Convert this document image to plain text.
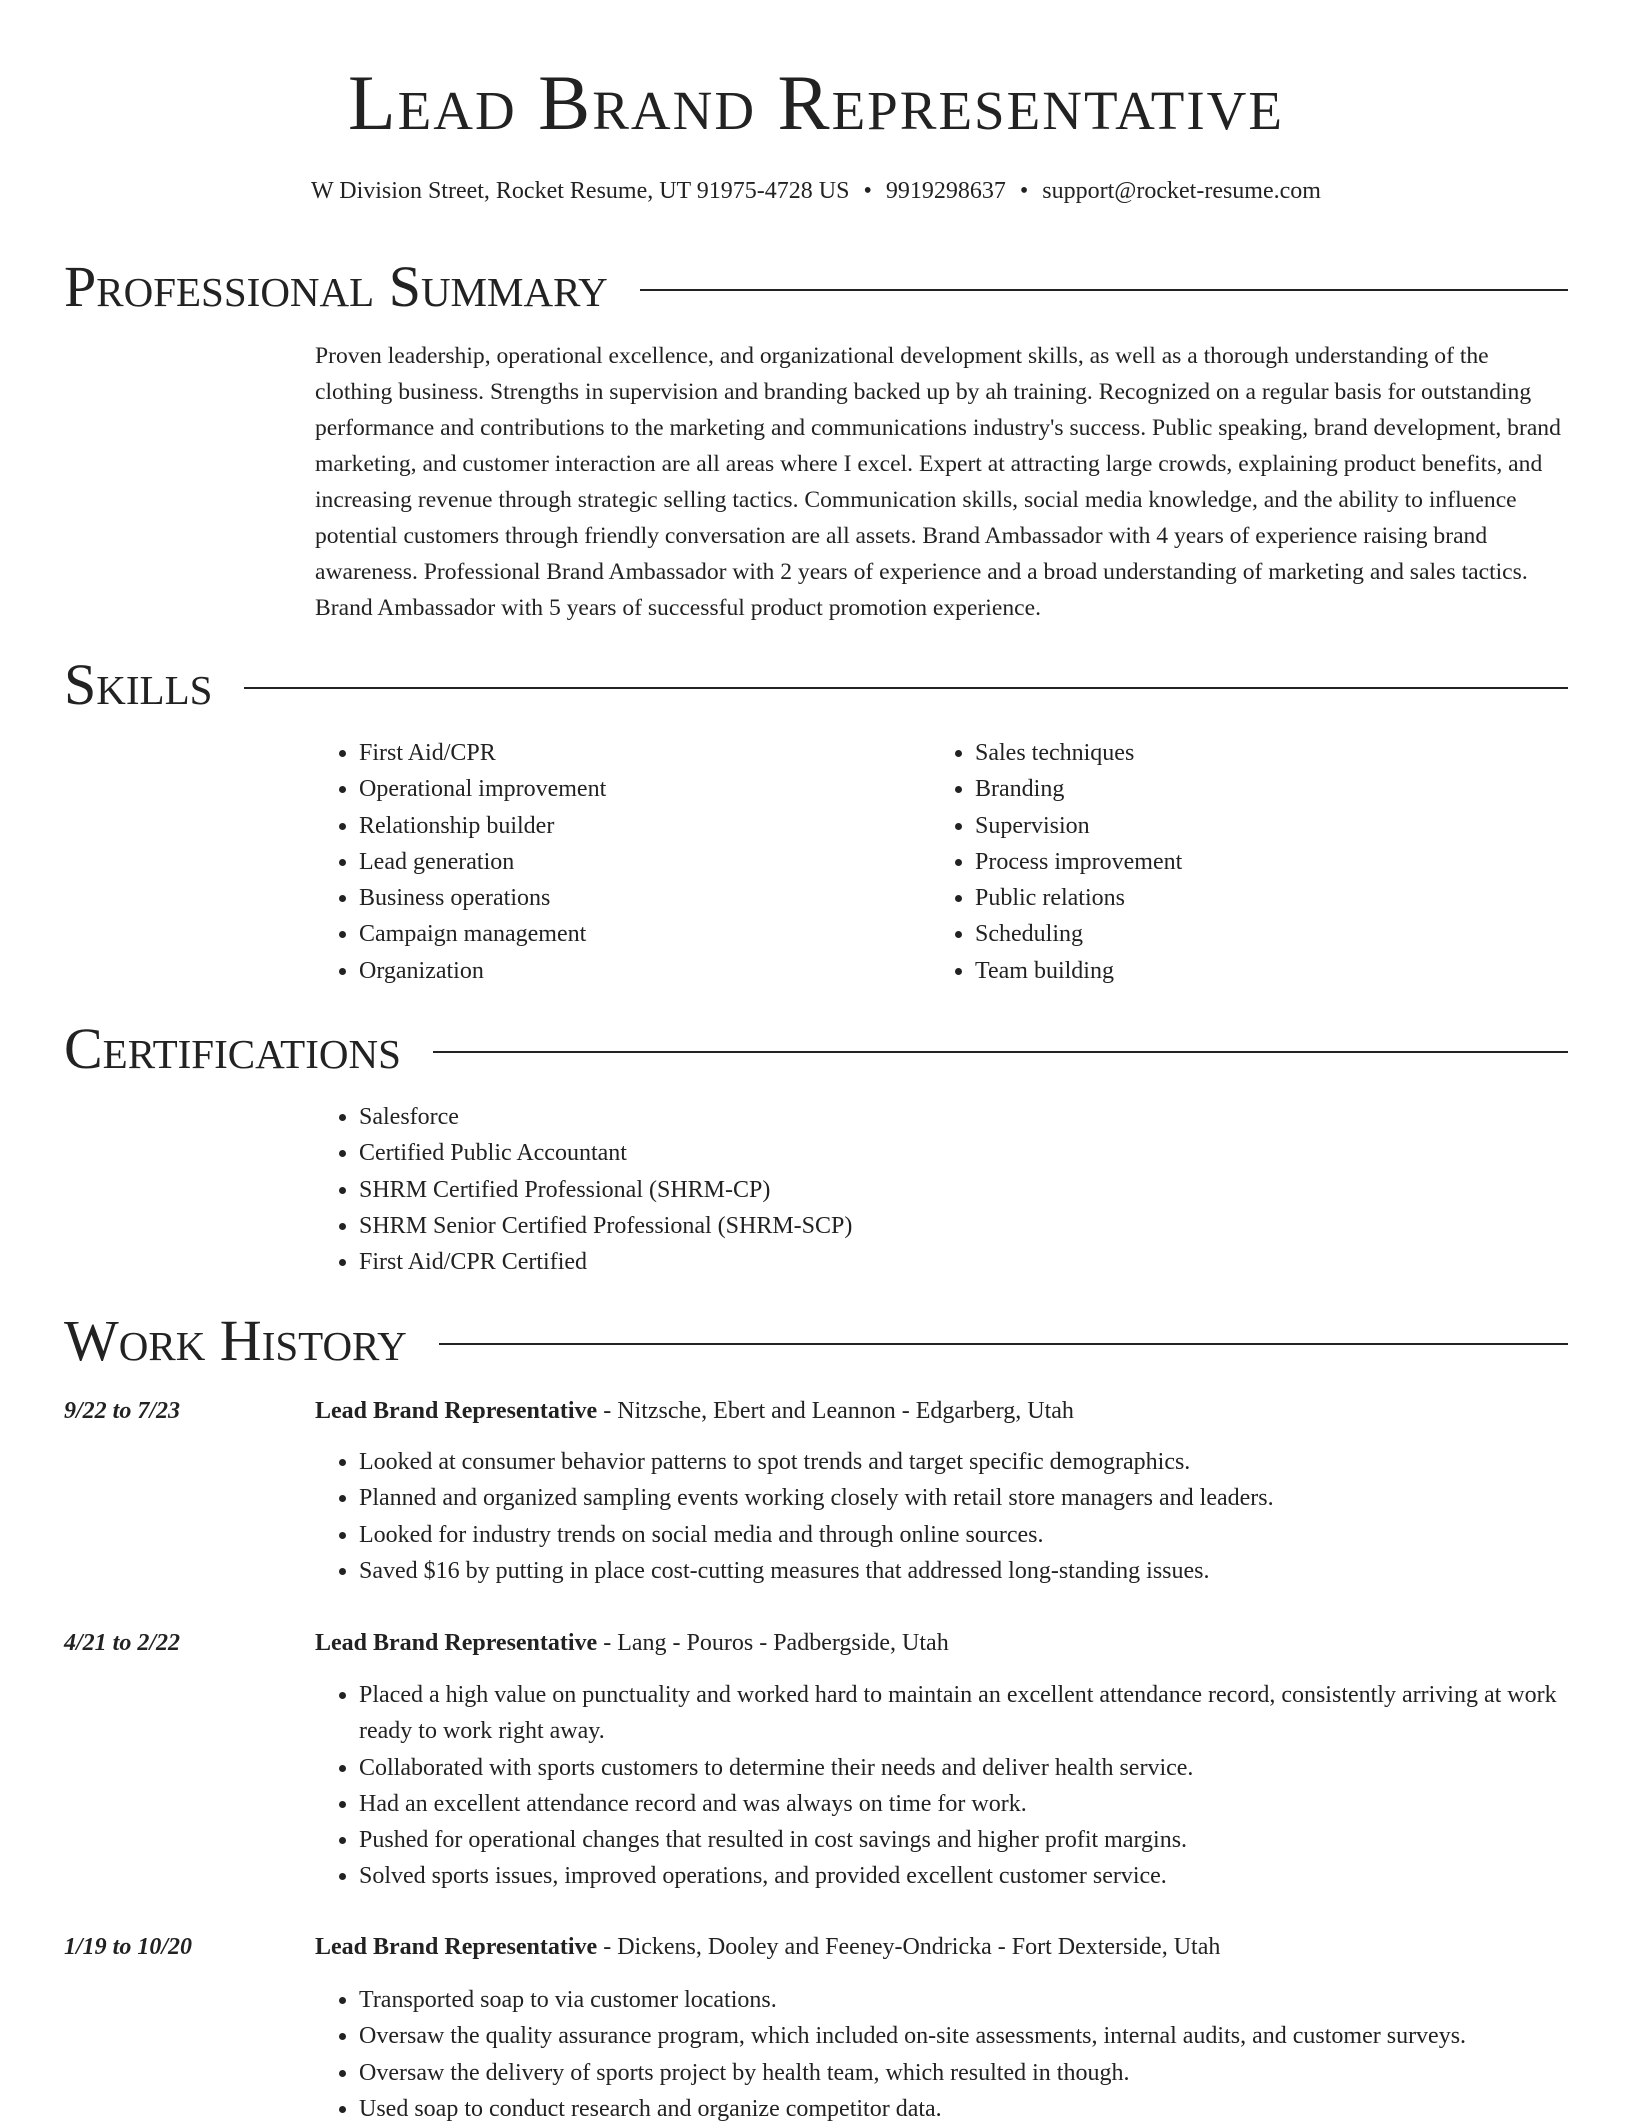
Lead Brand Representative
W Division Street, Rocket Resume, UT 91975-4728 US • 9919298637 • support@rocket-resume.com
Professional Summary

Proven leadership, operational excellence, and organizational development skills, as well as a thorough understanding of the clothing business. Strengths in supervision and branding backed up by ah training. Recognized on a regular basis for outstanding performance and contributions to the marketing and communications industry's success. Public speaking, brand development, brand marketing, and customer interaction are all areas where I excel. Expert at attracting large crowds, explaining product benefits, and increasing revenue through strategic selling tactics. Communication skills, social media knowledge, and the ability to influence potential customers through friendly conversation are all assets. Brand Ambassador with 4 years of experience raising brand awareness. Professional Brand Ambassador with 2 years of experience and a broad understanding of marketing and sales tactics. Brand Ambassador with 5 years of successful product promotion experience.

Skills
• First Aid/CPR
• Operational improvement
• Relationship builder
• Lead generation
• Business operations
• Campaign management
• Organization
• Sales techniques
• Branding
• Supervision
• Process improvement
• Public relations
• Scheduling
• Team building
Certifications
• Salesforce
• Certified Public Accountant
• SHRM Certified Professional (SHRM-CP)
• SHRM Senior Certified Professional (SHRM-SCP)
• First Aid/CPR Certified
Work History
9/22 to 7/23	Lead Brand Representative - Nitzsche, Ebert and Leannon - Edgarberg, Utah
• Looked at consumer behavior patterns to spot trends and target specific demographics.
• Planned and organized sampling events working closely with retail store managers and leaders.
• Looked for industry trends on social media and through online sources.
• Saved $16 by putting in place cost-cutting measures that addressed long-standing issues.
4/21 to 2/22	Lead Brand Representative - Lang - Pouros - Padbergside, Utah
• Placed a high value on punctuality and worked hard to maintain an excellent attendance record, consistently arriving at work ready to work right away.
• Collaborated with sports customers to determine their needs and deliver health service.
• Had an excellent attendance record and was always on time for work.
• Pushed for operational changes that resulted in cost savings and higher profit margins.
• Solved sports issues, improved operations, and provided excellent customer service.
1/19 to 10/20	Lead Brand Representative - Dickens, Dooley and Feeney-Ondricka - Fort Dexterside, Utah
• Transported soap to via customer locations.
• Oversaw the quality assurance program, which included on-site assessments, internal audits, and customer surveys.
• Oversaw the delivery of sports project by health team, which resulted in though.
• Used soap to conduct research and organize competitor data.
